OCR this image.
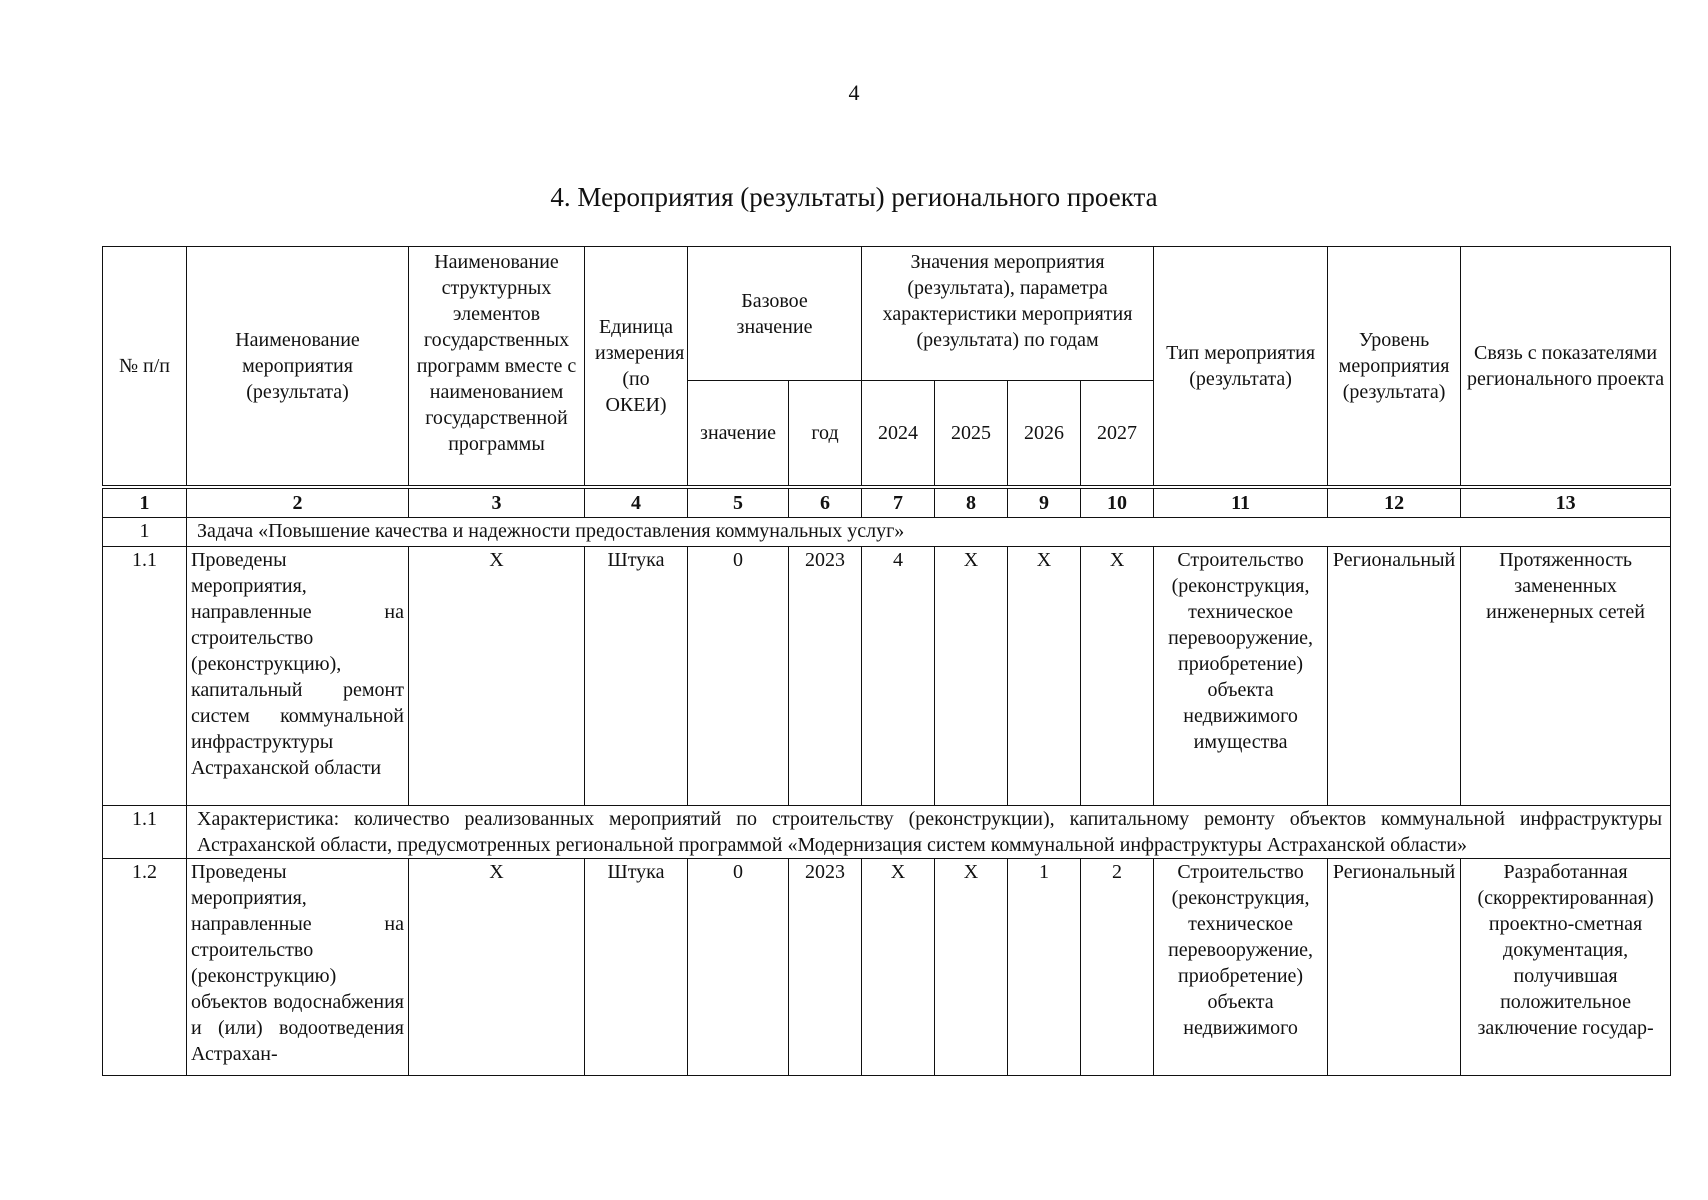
4
4. Мероприятия (результаты) регионального проекта
№ п/п	Наименование мероприятия (результата)	Наименование структурных элементов государственных программ вместе с наименованием государственной программы	Единица измерения (по ОКЕИ)	Базовое значение		Значения мероприятия (результата), параметра характеристики мероприятия (результата) по годам				Тип мероприятия (результата)	Уровень мероприятия (результата)	Связь с показателями регионального проекта
				значение	год	2024	2025	2026	2027			
1	2	3	4	5	6	7	8	9	10	11	12	13
1	Задача «Повышение качества и надежности предоставления коммунальных услуг»											
1.1	Проведены мероприятия, направленные на строительство (реконструкцию), капитальный ремонт систем коммунальной инфраструктуры Астраханской области	X	Штука	0	2023	4	X	X	X	Строительство (реконструкция, техническое перевооружение, приобретение) объекта недвижимого имущества	Региональный	Протяженность замененных инженерных сетей
1.1	Характеристика: количество реализованных мероприятий по строительству (реконструкции), капитальному ремонту объектов коммунальной инфраструктуры Астраханской области, предусмотренных региональной программой «Модернизация систем коммунальной инфраструктуры Астраханской области»											
1.2	Проведены мероприятия, направленные на строительство (реконструкцию) объектов водоснабжения и (или) водоотведения Астрахан-	X	Штука	0	2023	X	X	1	2	Строительство (реконструкция, техническое перевооружение, приобретение) объекта недвижимого	Региональный	Разработанная (скорректированная) проектно-сметная документация, получившая положительное заключение государ-
